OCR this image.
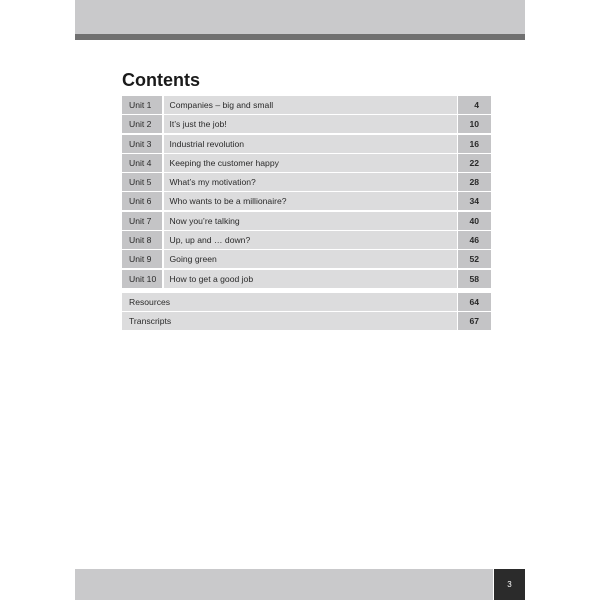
Contents
Unit 1	Companies – big and small	4
Unit 2	It’s just the job!	10
Unit 3	Industrial revolution	16
Unit 4	Keeping the customer happy	22
Unit 5	What’s my motivation?	28
Unit 6	Who wants to be a millionaire?	34
Unit 7	Now you’re talking	40
Unit 8	Up, up and … down?	46
Unit 9	Going green	52
Unit 10	How to get a good job	58
Resources	64
Transcripts	67
3
